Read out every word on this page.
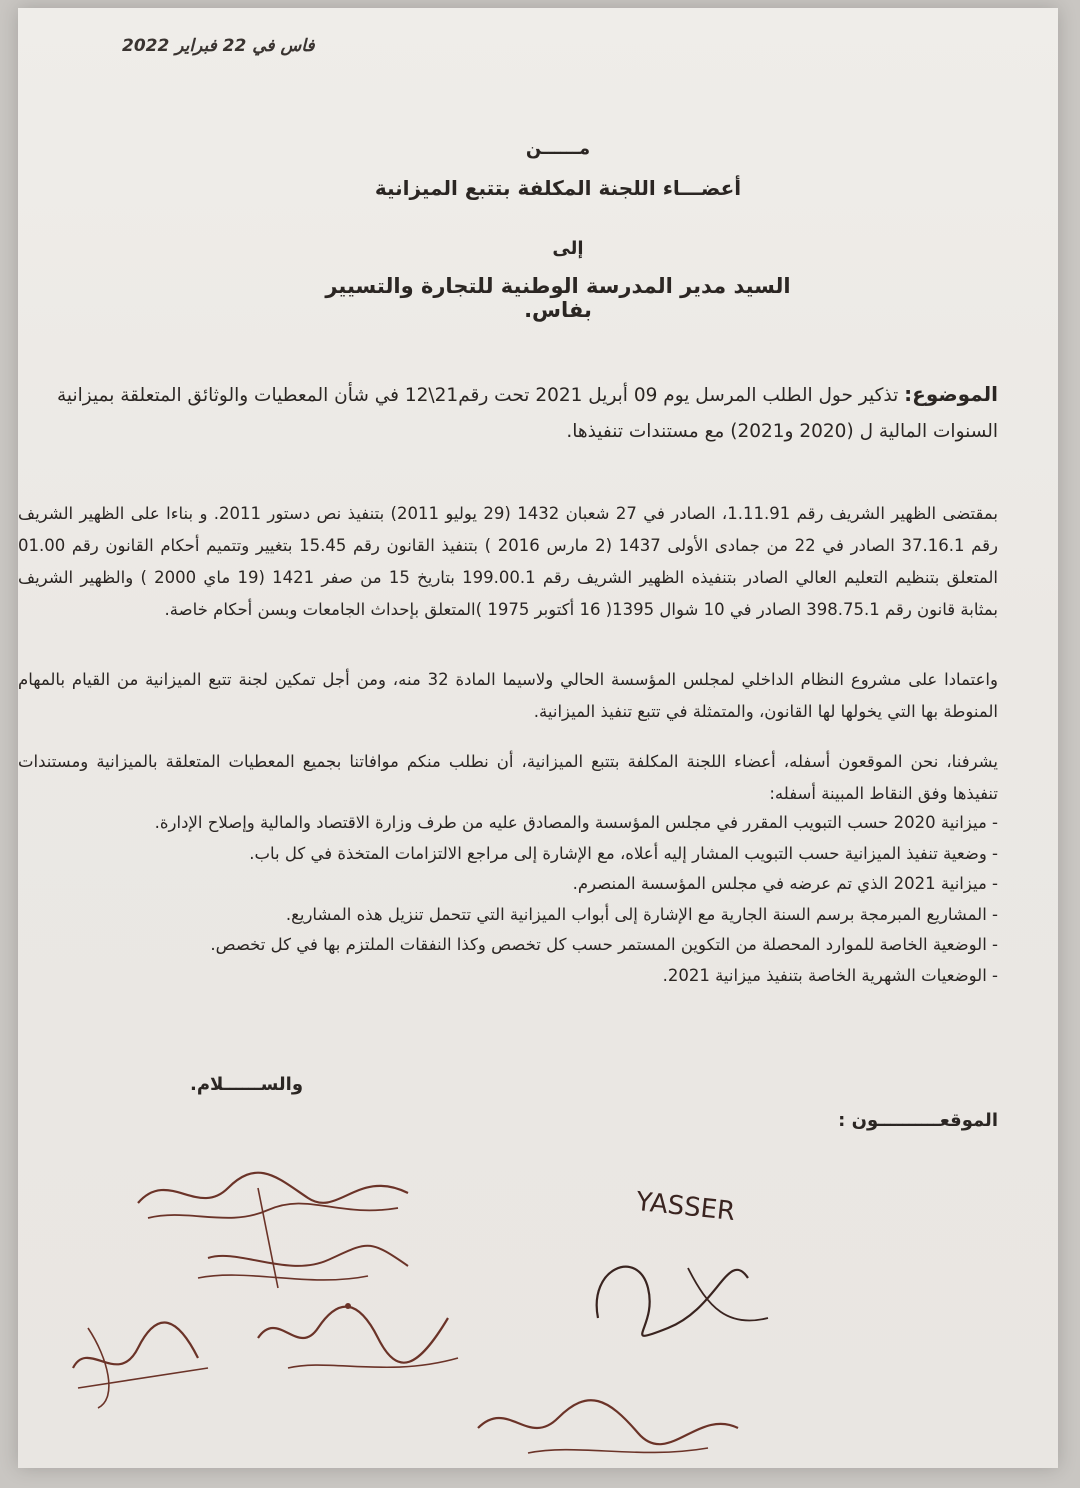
فاس في 22 فبراير 2022
مــــــن
أعضـــاء اللجنة المكلفة بتتبع الميزانية
إلى
السيد مدير المدرسة الوطنية للتجارة والتسيير بفاس.
الموضوع: تذكير حول الطلب المرسل يوم 09 أبريل 2021 تحت رقم21\12 في شأن المعطيات والوثائق المتعلقة بميزانية السنوات المالية ل (2020 و2021) مع مستندات تنفيذها.
بمقتضى الظهير الشريف رقم 1.11.91، الصادر في 27 شعبان 1432 (29 يوليو 2011) بتنفيذ نص دستور 2011. و بناءا على الظهير الشريف رقم 37.16.1 الصادر في 22 من جمادى الأولى 1437 (2 مارس 2016 ) بتنفيذ القانون رقم 15.45 بتغيير وتتميم أحكام القانون رقم 01.00 المتعلق بتنظيم التعليم العالي الصادر بتنفيذه الظهير الشريف رقم 199.00.1 بتاريخ 15 من صفر 1421 (19 ماي 2000 ) والظهير الشريف بمثابة قانون رقم 398.75.1 الصادر في 10 شوال 1395( 16 أكتوبر 1975 )المتعلق بإحداث الجامعات وبسن أحكام خاصة.
واعتمادا على مشروع النظام الداخلي لمجلس المؤسسة الحالي ولاسيما المادة 32 منه، ومن أجل تمكين لجنة تتبع الميزانية من القيام بالمهام المنوطة بها التي يخولها لها القانون، والمتمثلة في تتبع تنفيذ الميزانية.
يشرفنا، نحن الموقعون أسفله، أعضاء اللجنة المكلفة بتتبع الميزانية، أن نطلب منكم موافاتنا بجميع المعطيات المتعلقة بالميزانية ومستندات تنفيذها وفق النقاط المبينة أسفله:
- ميزانية 2020 حسب التبويب المقرر في مجلس المؤسسة والمصادق عليه من طرف وزارة الاقتصاد والمالية وإصلاح الإدارة.
- وضعية تنفيذ الميزانية حسب التبويب المشار إليه أعلاه، مع الإشارة إلى مراجع الالتزامات المتخذة في كل باب.
- ميزانية 2021 الذي تم عرضه في مجلس المؤسسة المنصرم.
- المشاريع المبرمجة برسم السنة الجارية مع الإشارة إلى أبواب الميزانية التي تتحمل تنزيل هذه المشاريع.
- الوضعية الخاصة للموارد المحصلة من التكوين المستمر حسب كل تخصص وكذا النفقات الملتزم بها في كل تخصص.
- الوضعيات الشهرية الخاصة بتنفيذ ميزانية 2021.
والســــــلام.
الموقعــــــــــون :
YASSER
